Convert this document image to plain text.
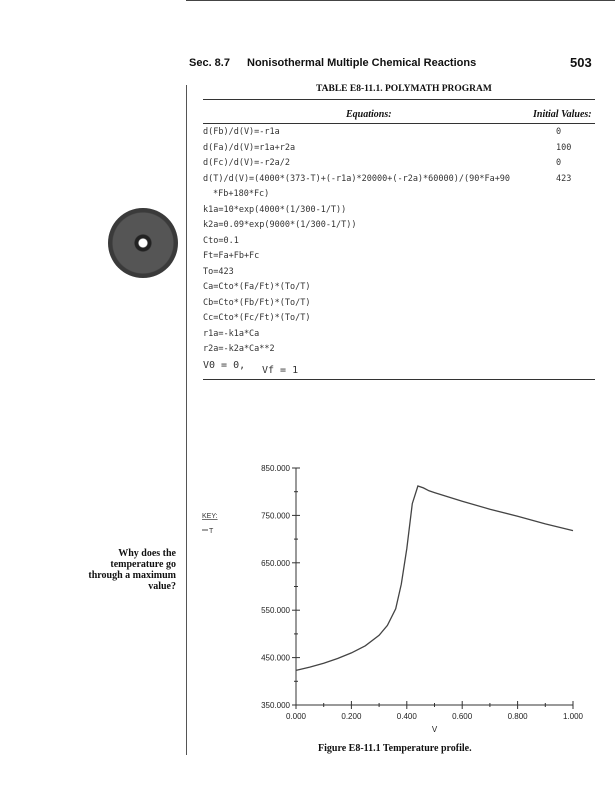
Sec. 8.7 Nonisothermal Multiple Chemical Reactions	503
TABLE E8-11.1. POLYMATH PROGRAM
Equations:	Initial Values:
d(Fb)/d(V)=-r1a	0
d(Fa)/d(V)=r1a+r2a	100
d(Fc)/d(V)=-r2a/2	0
d(T)/d(V)=(4000*(373-T)+(-r1a)*20000+(-r2a)*60000)/(90*Fa+90	423
*Fb+180*Fc)
k1a=10*exp(4000*(1/300-1/T))
k2a=0.09*exp(9000*(1/300-1/T))
Cto=0.1
Ft=Fa+Fb+Fc
To=423
Ca=Cto*(Fa/Ft)*(To/T)
Cb=Cto*(Fb/Ft)*(To/T)
Cc=Cto*(Fc/Ft)*(To/T)
r1a=-k1a*Ca
r2a=-k2a*Ca**2
V0 = 0, Vf = 1
Why does the
temperature go
through a maximum
value?
350.000
450.000
550.000
650.000
750.000
850.000
0.000	0.200	0.400	0.600	0.800	1.000
V
KEY:
T
Figure E8-11.1 Temperature profile.
